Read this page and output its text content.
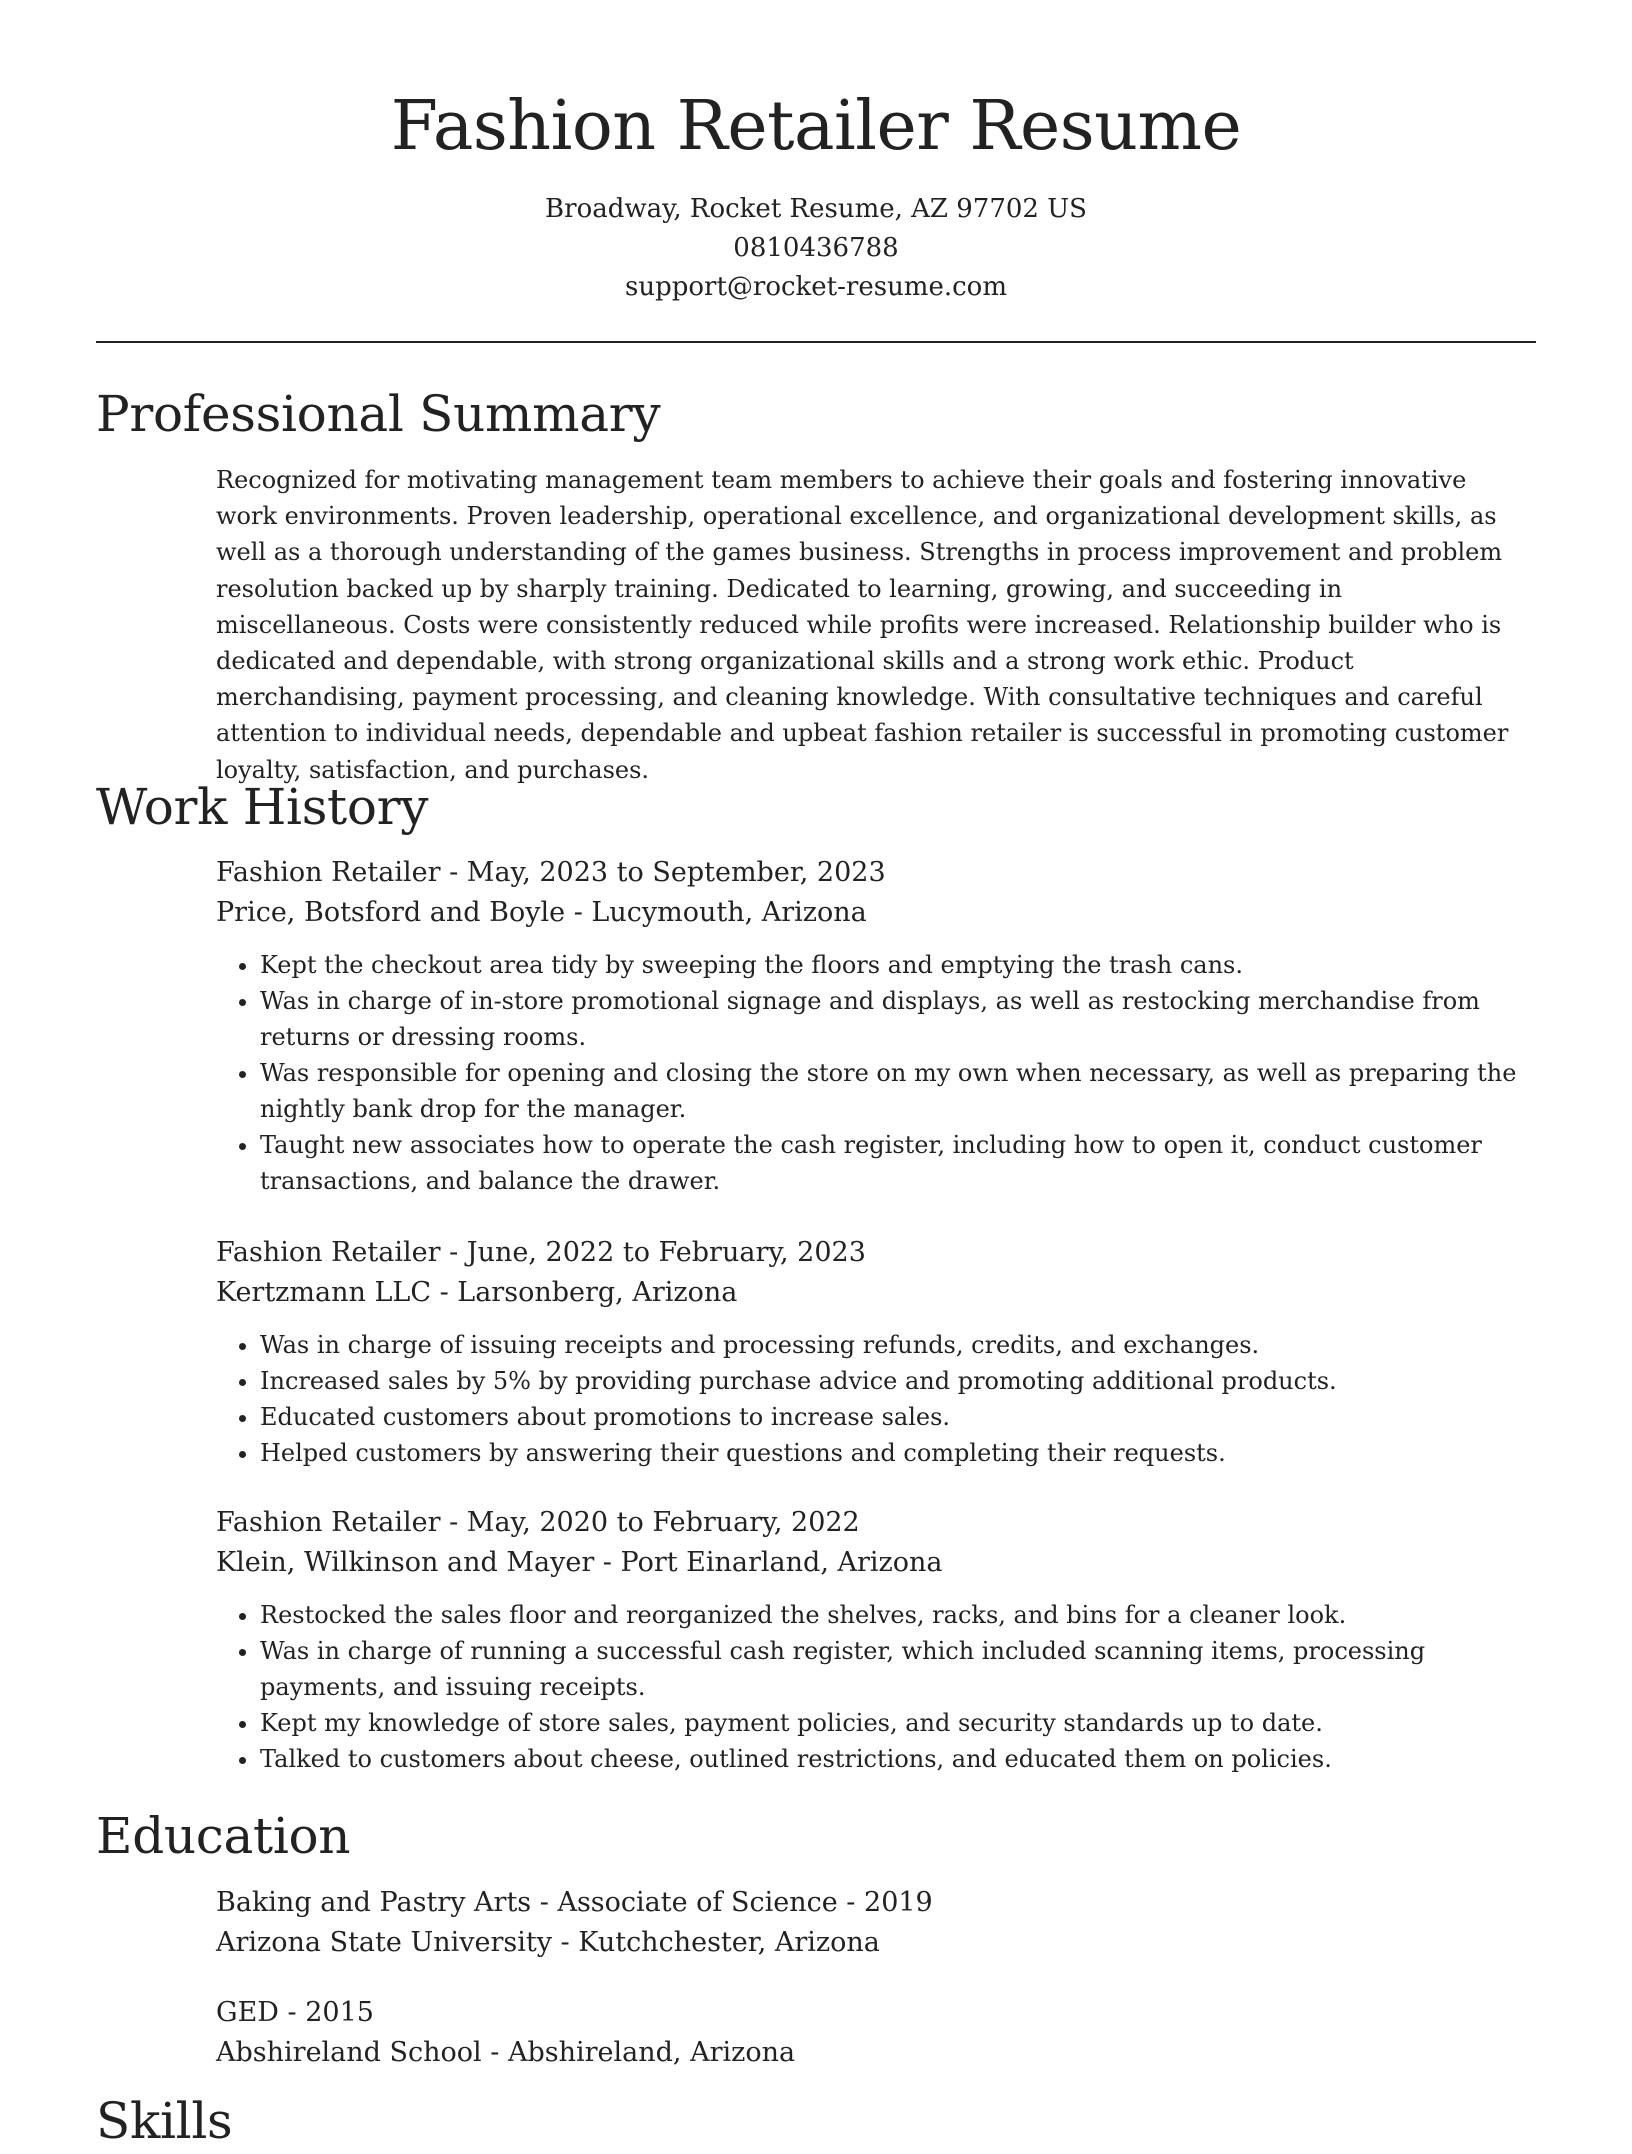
Fashion Retailer Resume
Broadway, Rocket Resume, AZ 97702 US
0810436788
support@rocket-resume.com
Professional Summary
Recognized for motivating management team members to achieve their goals and fostering innovative work environments. Proven leadership, operational excellence, and organizational development skills, as well as a thorough understanding of the games business. Strengths in process improvement and problem resolution backed up by sharply training. Dedicated to learning, growing, and succeeding in miscellaneous. Costs were consistently reduced while profits were increased. Relationship builder who is dedicated and dependable, with strong organizational skills and a strong work ethic. Product merchandising, payment processing, and cleaning knowledge. With consultative techniques and careful attention to individual needs, dependable and upbeat fashion retailer is successful in promoting customer loyalty, satisfaction, and purchases.
Work History
Fashion Retailer - May, 2023 to September, 2023
Price, Botsford and Boyle - Lucymouth, Arizona
• Kept the checkout area tidy by sweeping the floors and emptying the trash cans.
• Was in charge of in-store promotional signage and displays, as well as restocking merchandise from returns or dressing rooms.
• Was responsible for opening and closing the store on my own when necessary, as well as preparing the nightly bank drop for the manager.
• Taught new associates how to operate the cash register, including how to open it, conduct customer transactions, and balance the drawer.
Fashion Retailer - June, 2022 to February, 2023
Kertzmann LLC - Larsonberg, Arizona
• Was in charge of issuing receipts and processing refunds, credits, and exchanges.
• Increased sales by 5% by providing purchase advice and promoting additional products.
• Educated customers about promotions to increase sales.
• Helped customers by answering their questions and completing their requests.
Fashion Retailer - May, 2020 to February, 2022
Klein, Wilkinson and Mayer - Port Einarland, Arizona
• Restocked the sales floor and reorganized the shelves, racks, and bins for a cleaner look.
• Was in charge of running a successful cash register, which included scanning items, processing payments, and issuing receipts.
• Kept my knowledge of store sales, payment policies, and security standards up to date.
• Talked to customers about cheese, outlined restrictions, and educated them on policies.
Education
Baking and Pastry Arts - Associate of Science - 2019
Arizona State University - Kutchchester, Arizona
GED - 2015
Abshireland School - Abshireland, Arizona
Skills
